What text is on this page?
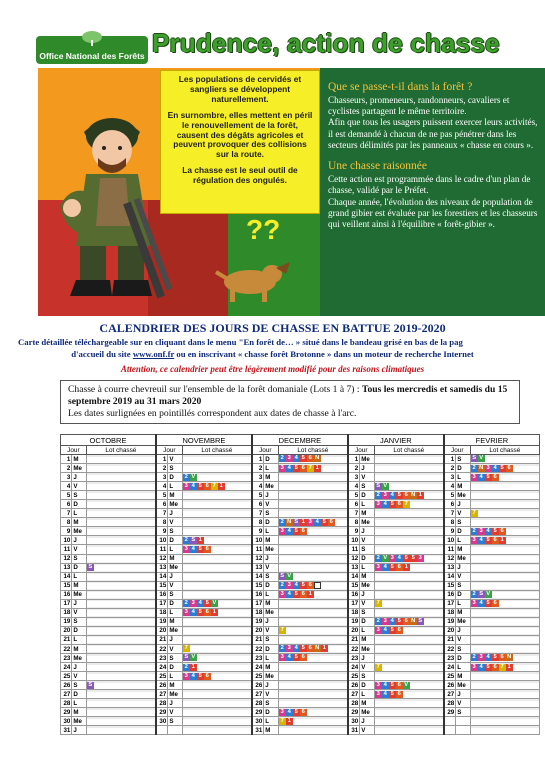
Office National des Forêts Prudence, action de chasse
??

Les populations de cervidés et sangliers se développent naturellement.

En surnombre, elles mettent en péril le renouvellement de la forêt, causent des dégâts agricoles et peuvent provoquer des collisions sur la route.

La chasse est le seul outil de régulation des ongulés.

Que se passe-t-il dans la forêt ?
Chasseurs, promeneurs, randonneurs, cavaliers et cyclistes partagent le même territoire.
Afin que tous les usagers puissent exercer leurs activités, il est demandé à chacun de ne pas pénétrer dans les secteurs délimités par les panneaux « chasse en cours ».
Une chasse raisonnée
Cette action est programmée dans le cadre d'un plan de chasse, validé par le Préfet.
Chaque année, l'évolution des niveaux de population de grand gibier est évaluée par les forestiers et les chasseurs qui veillent ainsi à l'équilibre « forêt-gibier ».
CALENDRIER DES JOURS DE CHASSE EN BATTUE 2019-2020
Carte détaillée téléchargeable sur en cliquant dans le menu "En forêt de… » situé dans le bandeau grisé en bas de la pag
d'accueil du site www.onf.fr ou en inscrivant « chasse forêt Brotonne » dans un moteur de recherche Internet
Attention, ce calendrier peut être légèrement modifié pour des raisons climatiques
Chasse à courre chevreuil sur l'ensemble de la forêt domaniale (Lots 1 à 7) : Tous les mercredis et samedis du 15 septembre 2019 au 31 mars 2020
Les dates surlignées en pointillés correspondent aux dates de chasse à l'arc.
OCTOBRE			NOVEMBRE			DECEMBRE			JANVIER			FEVRIER		
Jour		Lot chassé	Jour		Lot chassé	Jour		Lot chassé	Jour		Lot chassé	Jour		Lot chassé
1	M		1	V		1	D	2 3 4 5 6 N	1	Me		1	S	S V
2	Me		2	S		2	L	3 4 5 6 7 1	2	J		2	D	2 N 3 4 5 6
3	J		3	D	2 V	3	M		3	V		3	L	3 4 5 6
4	V		4	L	3 4 5 6 7 1	4	Me		4	S	S V	4	M	
5	S		5	M		5	J		5	D	2 3 4 5 6 N 1	5	Me	
6	D		6	Me		6	V		6	L	3 4 5 6 7	6	J	
7	L		7	J		7	S		7	M		7	V	7
8	M		8	V		8	D	2 N S 1 3 4 5 6	8	Me		8	S	
9	Me		9	S		9	L	3 4 5 6	9	J		9	D	2 3 4 5 6
10	J		10	D	2 S 1	10	M		10	V		10	L	3 4 5 6 1
11	V		11	L	3 4 5 6	11	Me		11	S		11	M	
12	S		12	M		12	J		12	D	2 V 3 4 5 5 3	12	Me	
13	D	S	13	Me		13	V		13	L	3 4 5 6 1	13	J	
14	L		14	J		14	S	S V	14	M		14	V	
15	M		15	V		15	D	2 3 4 5 6	15	Me		15	S	
16	Me		16	S		16	L	3 4 5 6 1	16	J		16	D	2 S V
17	J		17	D	2 3 4 5 V	17	M		17	V	7	17	L	3 4 5 6
18	V		18	L	3 4 5 6 1	18	Me		18	S		18	M	
19	S		19	M		19	J		19	D	2 3 4 5 6 N S	19	Me	
20	D		20	Me		20	V	7	20	L	3 4 5 6	20	J	
21	L		21	J		21	S		21	M		21	V	
22	M		22	V	7	22	D	2 3 4 5 6 N 1	22	Me		22	S	
23	Me		23	S	S V	23	L	3 4 5 6	23	J		23	D	2 3 4 5 6 N
24	J		24	D	2 1	24	M		24	V	7	24	L	3 4 5 6 7 1
25	V		25	L	3 4 5 6	25	Me		25	S		25	M	
26	S	S	26	M		26	J		26	D	3 4 5 6 V	26	Me	
27	D		27	Me		27	V		27	L	3 4 5 6	27	J	
28	L		28	J		28	S		28	M		28	V	
29	M		29	V		29	D	3 4 5 6	29	Me		29	S	
30	Me		30	S		30	L	7 1	30	J				
31	J					31	M		31	V				
